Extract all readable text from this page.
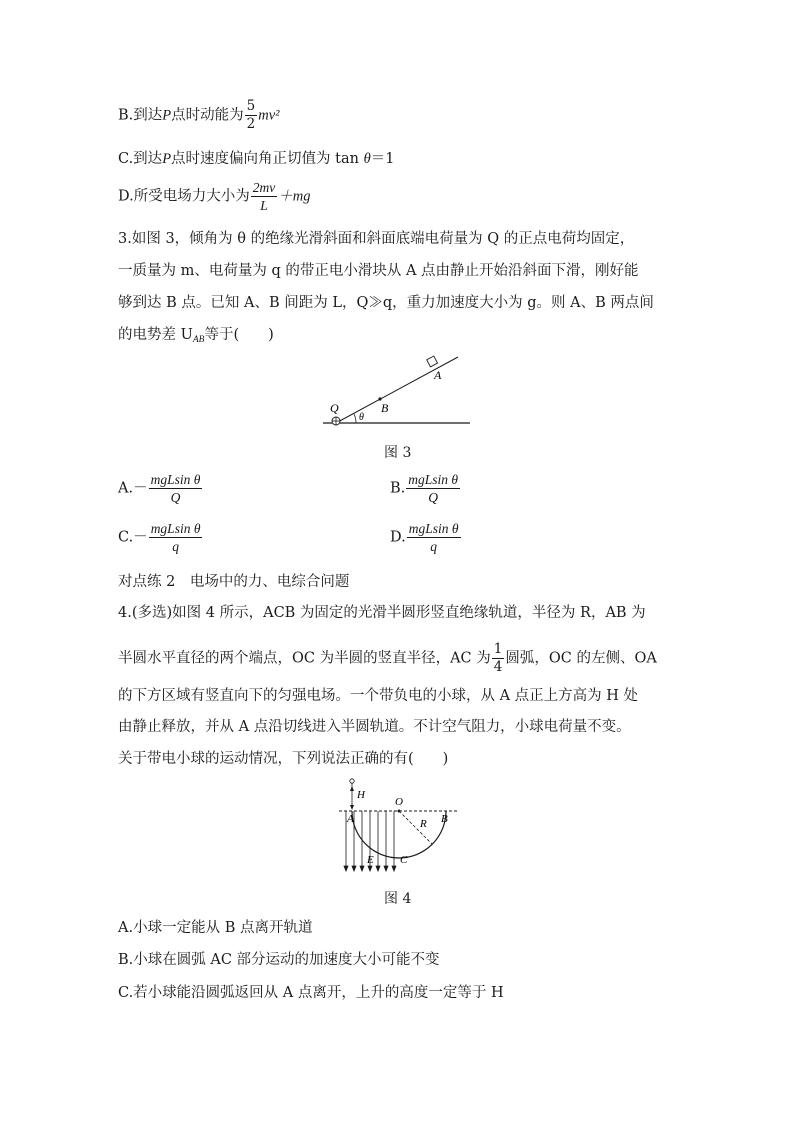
B.到达P点时动能为 $\frac{5}{2} mv^2$
C.到达P点时速度偏向角正切值为 tan θ＝1
D.所受电场力大小为 $\frac{2mv}{L} +mg$
3.如图 3，倾角为 θ 的绝缘光滑斜面和斜面底端电荷量为 Q 的正点电荷均固定，
一质量为 m、电荷量为 q 的带正电小滑块从 A 点由静止开始沿斜面下滑，刚好能
够到达 B 点。已知 A、B 间距为 L，Q≫q，重力加速度大小为 g。则 A、B 两点间
的电势差 $U_{AB}$等于(　　)
Q
θ
B
A
图 3
$A.- \frac{\text{mgLsin θ}}{Q}$	B. $\frac{\text{mgLsin θ}}{Q}$
$C.- \frac{\text{mgLsin θ}}{q}$	D. $\frac{\text{mgLsin θ}}{q}$
对点练 2　电场中的力、电综合问题
4.(多选)如图 4 所示，ACB 为固定的光滑半圆形竖直绝缘轨道，半径为 R，AB 为
半圆水平直径的两个端点，OC 为半圆的竖直半径，AC 为 $\frac{1}{4}$ 圆弧，OC 的左侧、OA
的下方区域有竖直向下的匀强电场。一个带负电的小球，从 A 点正上方高为 H 处
由静止释放，并从 A 点沿切线进入半圆轨道。不计空气阻力，小球电荷量不变。
关于带电小球的运动情况，下列说法正确的有(　　)
H
O
A	B
R
E C
图 4
A.小球一定能从 B 点离开轨道
B.小球在圆弧 AC 部分运动的加速度大小可能不变
C.若小球能沿圆弧返回从 A 点离开，上升的高度一定等于 H
